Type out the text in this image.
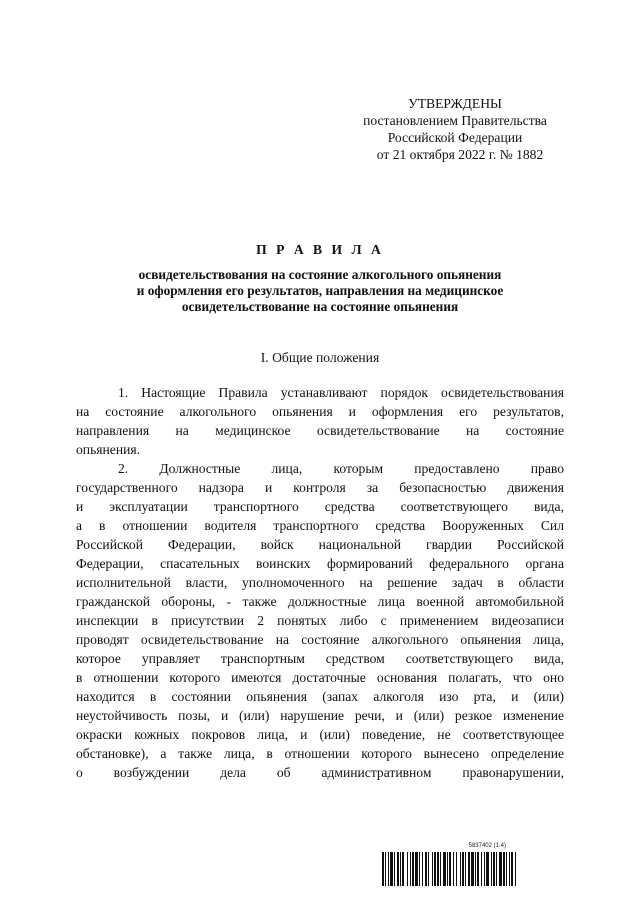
УТВЕРЖДЕНЫ
постановлением Правительства
Российской Федерации
от 21 октября 2022 г. № 1882
П Р А В И Л А
освидетельствования на состояние алкогольного опьянения
и оформления его результатов, направления на медицинское
освидетельствование на состояние опьянения
I. Общие положения
1. Настоящие Правила устанавливают порядок освидетельствования
на состояние алкогольного опьянения и оформления его результатов,
направления на медицинское освидетельствование на состояние
опьянения.
2. Должностные лица, которым предоставлено право
государственного надзора и контроля за безопасностью движения
и эксплуатации транспортного средства соответствующего вида,
а в отношении водителя транспортного средства Вооруженных Сил
Российской Федерации, войск национальной гвардии Российской
Федерации, спасательных воинских формирований федерального органа
исполнительной власти, уполномоченного на решение задач в области
гражданской обороны, - также должностные лица военной автомобильной
инспекции в присутствии 2 понятых либо с применением видеозаписи
проводят освидетельствование на состояние алкогольного опьянения лица,
которое управляет транспортным средством соответствующего вида,
в отношении которого имеются достаточные основания полагать, что оно
находится в состоянии опьянения (запах алкоголя изо рта, и (или)
неустойчивость позы, и (или) нарушение речи, и (или) резкое изменение
окраски кожных покровов лица, и (или) поведение, не соответствующее
обстановке), а также лица, в отношении которого вынесено определение
о возбуждении дела об административном правонарушении,
5837402 (1.4)
